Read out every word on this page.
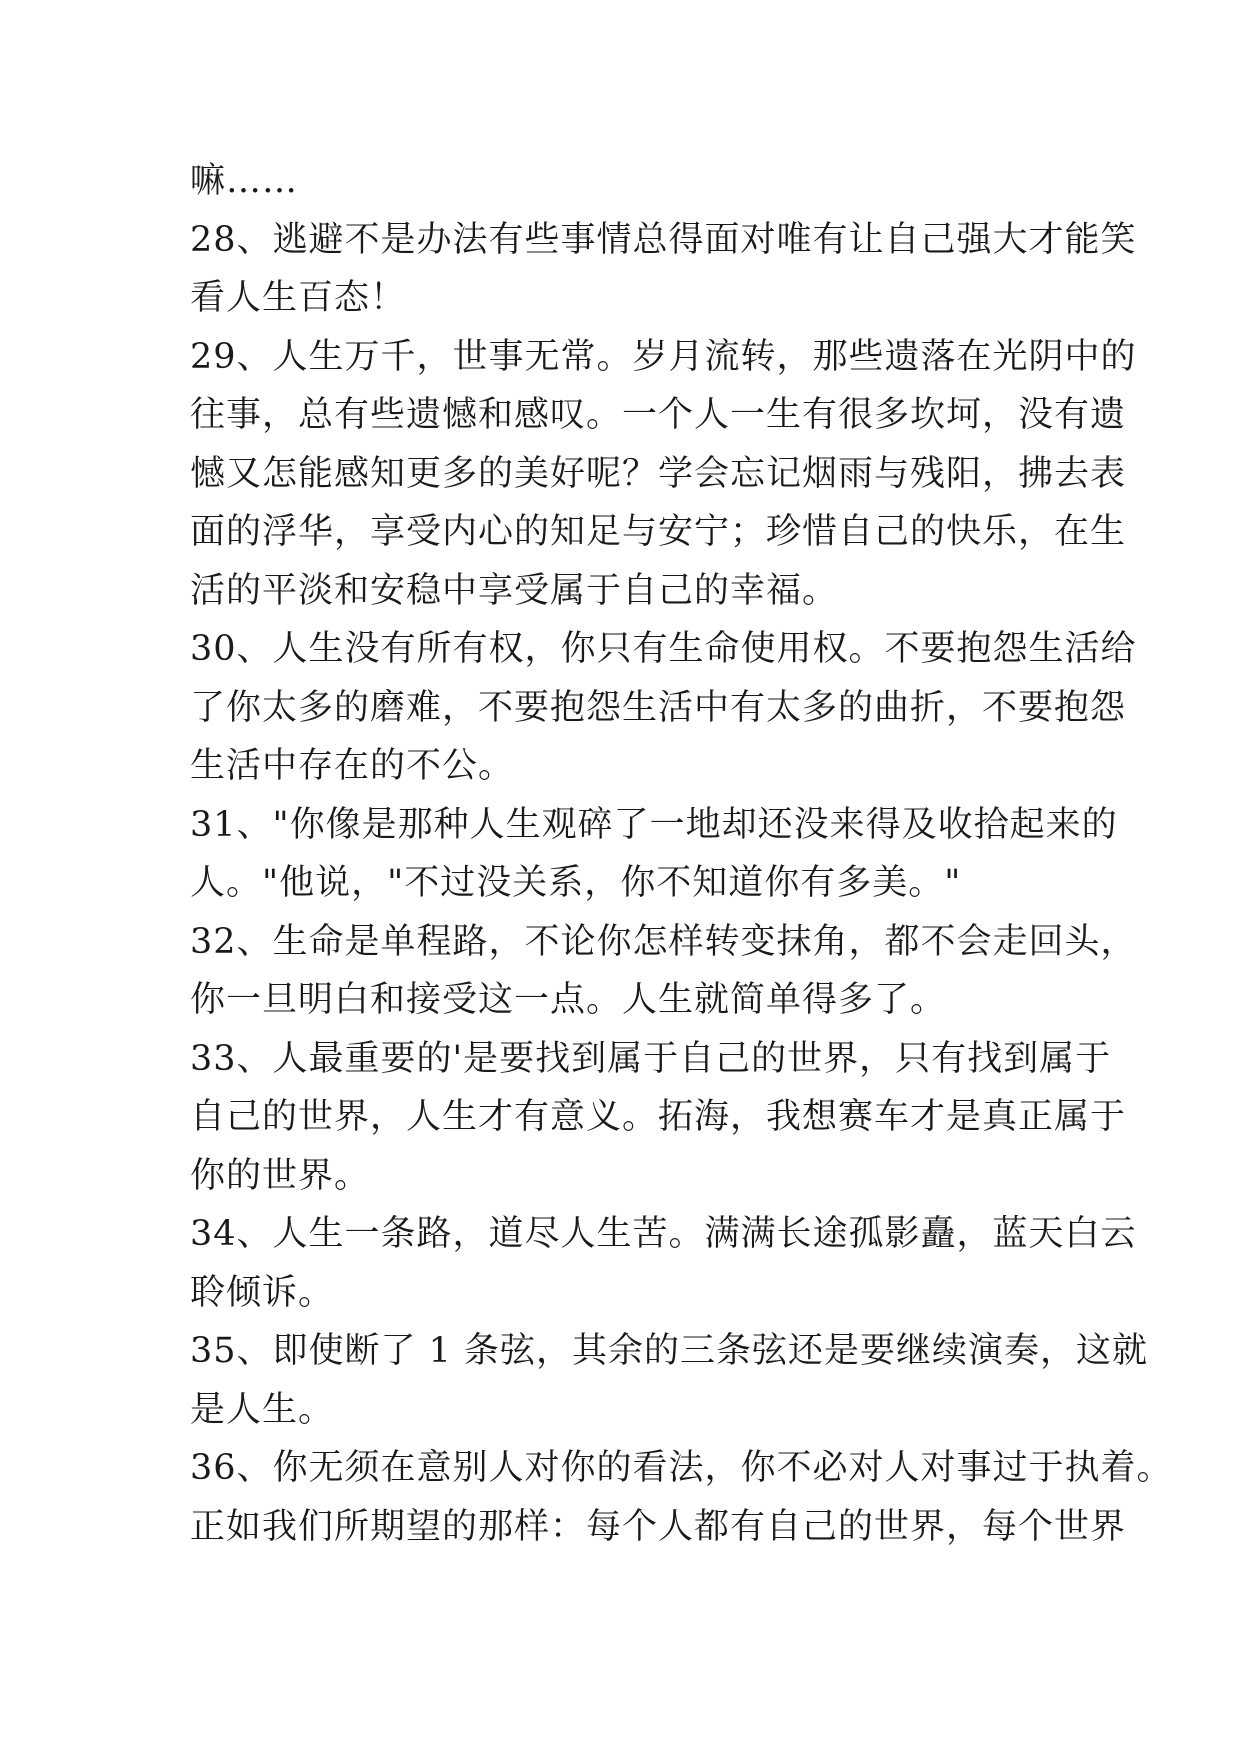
嘛……
28、逃避不是办法有些事情总得面对唯有让自己强大才能笑
看人生百态！
29、人生万千，世事无常。岁月流转，那些遗落在光阴中的
往事，总有些遗憾和感叹。一个人一生有很多坎坷，没有遗
憾又怎能感知更多的美好呢？学会忘记烟雨与残阳，拂去表
面的浮华，享受内心的知足与安宁；珍惜自己的快乐，在生
活的平淡和安稳中享受属于自己的幸福。
30、人生没有所有权，你只有生命使用权。不要抱怨生活给
了你太多的磨难，不要抱怨生活中有太多的曲折，不要抱怨
生活中存在的不公。
31、"你像是那种人生观碎了一地却还没来得及收拾起来的
人。"他说，"不过没关系，你不知道你有多美。"
32、生命是单程路，不论你怎样转变抹角，都不会走回头，
你一旦明白和接受这一点。人生就简单得多了。
33、人最重要的'是要找到属于自己的世界，只有找到属于
自己的世界，人生才有意义。拓海，我想赛车才是真正属于
你的世界。
34、人生一条路，道尽人生苦。满满长途孤影矗，蓝天白云
聆倾诉。
35、即使断了 1 条弦，其余的三条弦还是要继续演奏，这就
是人生。
36、你无须在意别人对你的看法，你不必对人对事过于执着。
正如我们所期望的那样：每个人都有自己的世界，每个世界
